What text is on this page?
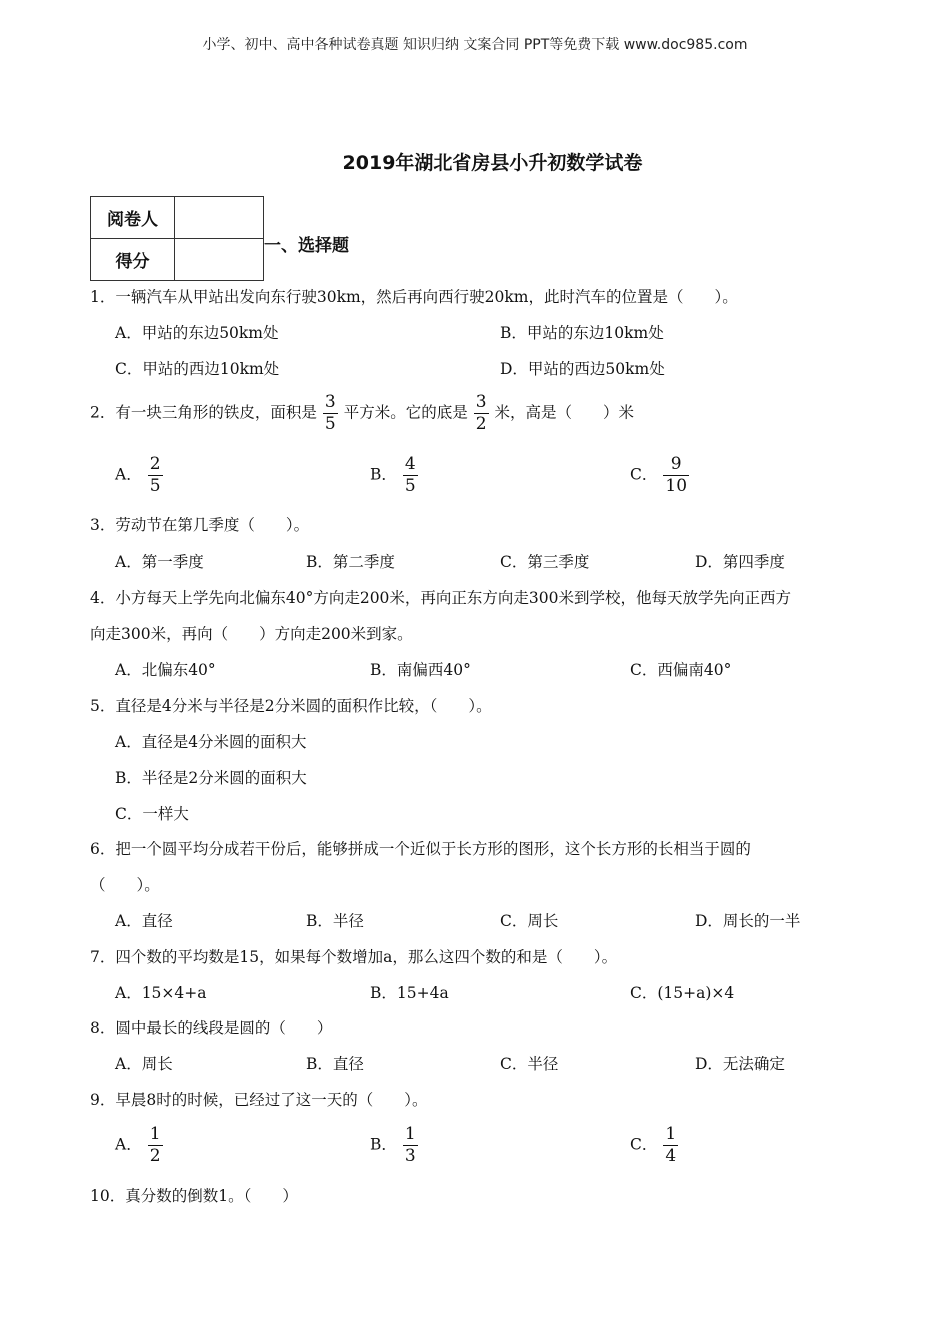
小学、初中、高中各种试卷真题 知识归纳 文案合同 PPT等免费下载 www.doc985.com
2019年湖北省房县小升初数学试卷
阅卷人	
得分	
一、选择题
1．一辆汽车从甲站出发向东行驶30km，然后再向西行驶20km，此时汽车的位置是（　　）。
A．甲站的东边50km处	B．甲站的东边10km处
C．甲站的西边10km处	D．甲站的西边50km处
2．有一块三角形的铁皮，面积是 $\frac{3}{5}$ 平方米。它的底是 $\frac{3}{2}$ 米，高是（　　）米
A． $\frac{2}{5}$	B． $\frac{4}{5}$	C． $\frac{9}{10}$
3．劳动节在第几季度（　　）。
A．第一季度	B．第二季度	C．第三季度	D．第四季度
4．小方每天上学先向北偏东40°方向走200米，再向正东方向走300米到学校，他每天放学先向正西方
向走300米，再向（　　）方向走200米到家。
A．北偏东40°	B．南偏西40°	C．西偏南40°
5．直径是4分米与半径是2分米圆的面积作比较，（　　）。
A．直径是4分米圆的面积大
B．半径是2分米圆的面积大
C．一样大
6．把一个圆平均分成若干份后，能够拼成一个近似于长方形的图形，这个长方形的长相当于圆的
（　　）。
A．直径	B．半径	C．周长	D．周长的一半
7．四个数的平均数是15，如果每个数增加a，那么这四个数的和是（　　）。
A．15×4+a	B．15+4a	C．(15+a)×4
8．圆中最长的线段是圆的（　　）
A．周长	B．直径	C．半径	D．无法确定
9．早晨8时的时候，已经过了这一天的（　　）。
A． $\frac{1}{2}$	B． $\frac{1}{3}$	C． $\frac{1}{4}$
10．真分数的倒数1。（　　）
